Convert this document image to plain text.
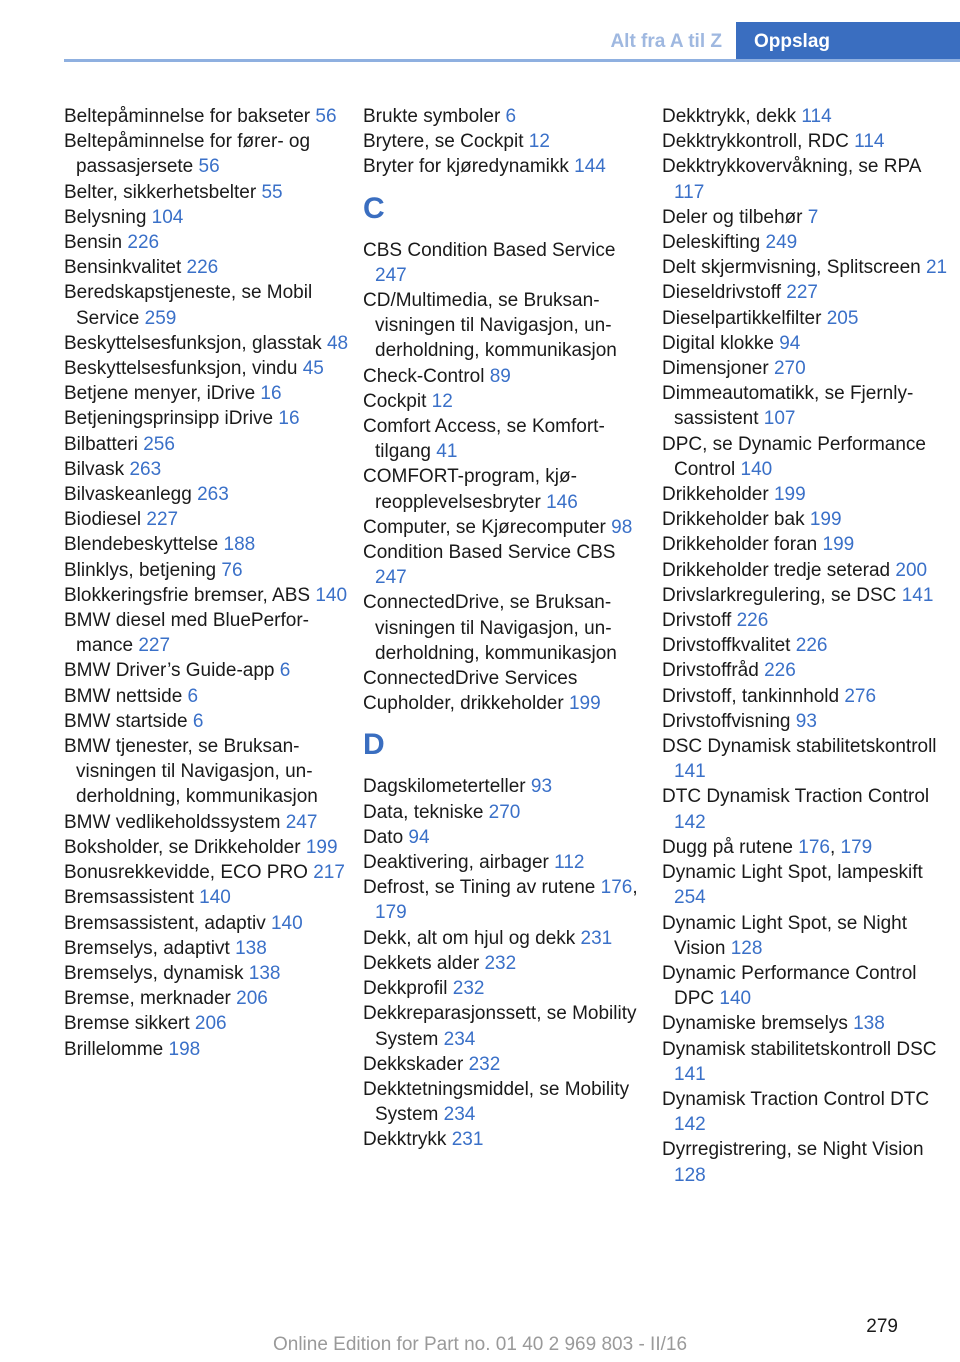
Alt fra A til Z	Oppslag
Beltepåminnelse for bakseter 56
Beltepåminnelse for fører- og passasjersete 56
Belter, sikkerhetsbelter 55
Belysning 104
Bensin 226
Bensinkvalitet 226
Beredskapstjeneste, se Mobil Service 259
Beskyttelsesfunksjon, glasstak 48
Beskyttelsesfunksjon, vindu 45
Betjene menyer, iDrive 16
Betjeningsprinsipp iDrive 16
Bilbatteri 256
Bilvask 263
Bilvaskeanlegg 263
Biodiesel 227
Blendebeskyttelse 188
Blinklys, betjening 76
Blokkeringsfrie bremser, ABS 140
BMW diesel med BluePerformance 227
BMW Driver’s Guide-app 6
BMW nettside 6
BMW startside 6
BMW tjenester, se Bruksanvisningen til Navigasjon, underholdning, kommunikasjon
BMW vedlikeholdssystem 247
Boksholder, se Drikkeholder 199
Bonusrekkevidde, ECO PRO 217
Bremsassistent 140
Bremsassistent, adaptiv 140
Bremselys, adaptivt 138
Bremselys, dynamisk 138
Bremse, merknader 206
Bremse sikkert 206
Brillelomme 198
Brukte symboler 6
Brytere, se Cockpit 12
Bryter for kjøredynamikk 144
C
CBS Condition Based Service 247
CD/Multimedia, se Bruksanvisningen til Navigasjon, underholdning, kommunikasjon
Check-Control 89
Cockpit 12
Comfort Access, se Komforttilgang 41
COMFORT-program, kjøreopplevelsesbryter 146
Computer, se Kjørecomputer 98
Condition Based Service CBS 247
ConnectedDrive, se Bruksanvisningen til Navigasjon, underholdning, kommunikasjon
ConnectedDrive Services
Cupholder, drikkeholder 199
D
Dagskilometerteller 93
Data, tekniske 270
Dato 94
Deaktivering, airbager 112
Defrost, se Tining av rutene 176, 179
Dekk, alt om hjul og dekk 231
Dekkets alder 232
Dekkprofil 232
Dekkreparasjonssett, se Mobility System 234
Dekkskader 232
Dekktetningsmiddel, se Mobility System 234
Dekktrykk 231
Dekktrykk, dekk 114
Dekktrykkontroll, RDC 114
Dekktrykkovervåkning, se RPA 117
Deler og tilbehør 7
Deleskifting 249
Delt skjermvisning, Splitscreen 21
Dieseldrivstoff 227
Dieselpartikkelfilter 205
Digital klokke 94
Dimensjoner 270
Dimmeautomatikk, se Fjernlysassistent 107
DPC, se Dynamic Performance Control 140
Drikkeholder 199
Drikkeholder bak 199
Drikkeholder foran 199
Drikkeholder tredje seterad 200
Drivslarkregulering, se DSC 141
Drivstoff 226
Drivstoffkvalitet 226
Drivstoffråd 226
Drivstoff, tankinnhold 276
Drivstoffvisning 93
DSC Dynamisk stabilitetskontroll 141
DTC Dynamisk Traction Control 142
Dugg på rutene 176, 179
Dynamic Light Spot, lampeskift 254
Dynamic Light Spot, se Night Vision 128
Dynamic Performance Control DPC 140
Dynamiske bremselys 138
Dynamisk stabilitetskontroll DSC 141
Dynamisk Traction Control DTC 142
Dyrregistrering, se Night Vision 128
279
Online Edition for Part no. 01 40 2 969 803 - II/16
